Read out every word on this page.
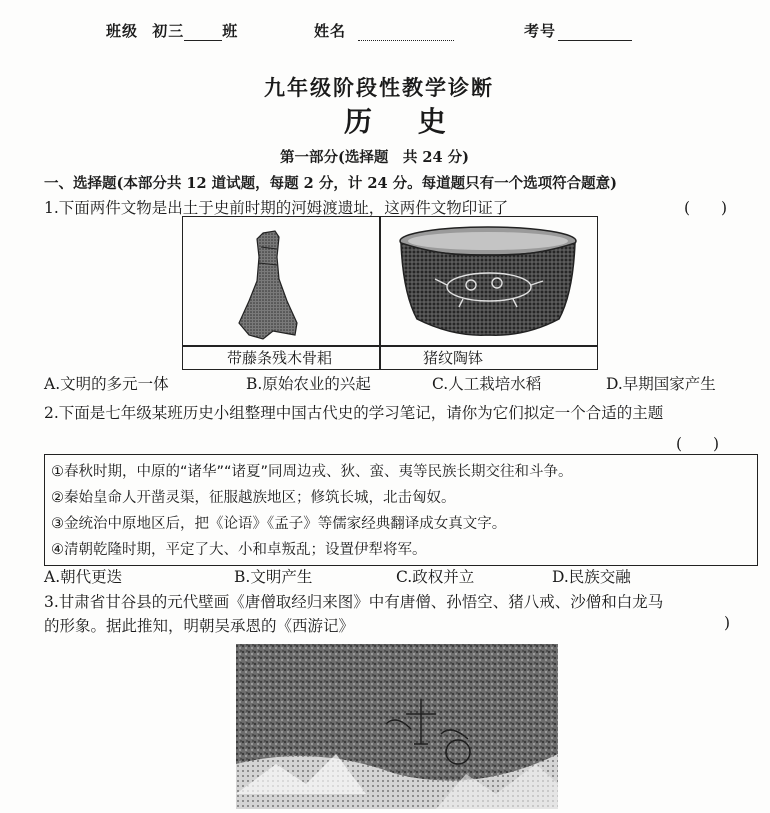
班级 初三	班	姓名	考号
九年级阶段性教学诊断
历 史
第一部分(选择题　共 24 分)
一、选择题(本部分共 12 道试题，每题 2 分，计 24 分。每道题只有一个选项符合题意)
1.下面两件文物是出土于史前时期的河姆渡遗址，这两件文物印证了	(　　)
带藤条残木骨耜	猪纹陶钵
A.文明的多元一体	B.原始农业的兴起	C.人工栽培水稻	D.早期国家产生
2.下面是七年级某班历史小组整理中国古代史的学习笔记，请你为它们拟定一个合适的主题
(　　)
①春秋时期，中原的“诸华”“诸夏”同周边戎、狄、蛮、夷等民族长期交往和斗争。
②秦始皇命人开凿灵渠，征服越族地区；修筑长城，北击匈奴。
③金统治中原地区后，把《论语》《孟子》等儒家经典翻译成女真文字。
④清朝乾隆时期，平定了大、小和卓叛乱；设置伊犁将军。
A.朝代更迭	B.文明产生	C.政权并立	D.民族交融
3.甘肃省甘谷县的元代壁画《唐僧取经归来图》中有唐僧、孙悟空、猪八戒、沙僧和白龙马
的形象。据此推知，明朝吴承恩的《西游记》	)
